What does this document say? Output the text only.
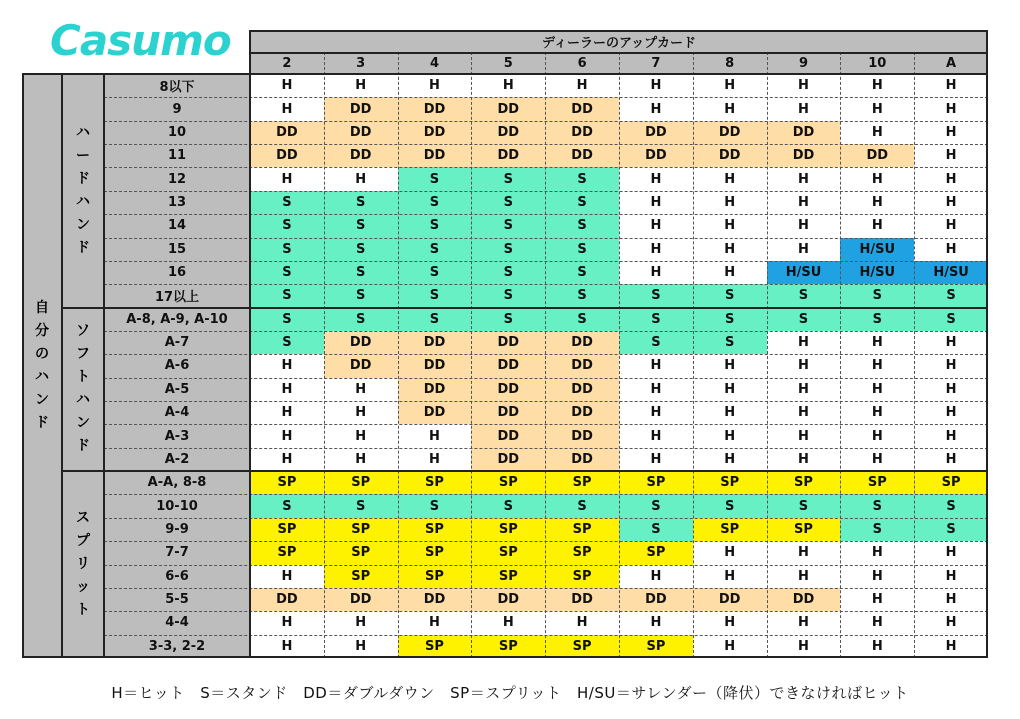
Casumo	ディーラーのアップカード
2	3	4	5	6	7	8	9	10	A
自
分
の
ハ
ン
ド
ハ
ー
ド
ハ
ン
ド
ソ
フ
ト
ハ
ン
ド
ス
プ
リ
ッ
ト
8以下	H	H	H	H	H	H	H	H	H	H
9	H	DD	DD	DD	DD	H	H	H	H	H
10	DD	DD	DD	DD	DD	DD	DD	DD	H	H
11	DD	DD	DD	DD	DD	DD	DD	DD	DD	H
12	H	H	S	S	S	H	H	H	H	H
13	S	S	S	S	S	H	H	H	H	H
14	S	S	S	S	S	H	H	H	H	H
15	S	S	S	S	S	H	H	H	H/SU	H
16	S	S	S	S	S	H	H	H/SU	H/SU	H/SU
17以上	S	S	S	S	S	S	S	S	S	S
A-8, A-9, A-10	S	S	S	S	S	S	S	S	S	S
A-7	S	DD	DD	DD	DD	S	S	H	H	H
A-6	H	DD	DD	DD	DD	H	H	H	H	H
A-5	H	H	DD	DD	DD	H	H	H	H	H
A-4	H	H	DD	DD	DD	H	H	H	H	H
A-3	H	H	H	DD	DD	H	H	H	H	H
A-2	H	H	H	DD	DD	H	H	H	H	H
A-A, 8-8	SP	SP	SP	SP	SP	SP	SP	SP	SP	SP
10-10	S	S	S	S	S	S	S	S	S	S
9-9	SP	SP	SP	SP	SP	S	SP	SP	S	S
7-7	SP	SP	SP	SP	SP	SP	H	H	H	H
6-6	H	SP	SP	SP	SP	H	H	H	H	H
5-5	DD	DD	DD	DD	DD	DD	DD	DD	H	H
4-4	H	H	H	H	H	H	H	H	H	H
3-3, 2-2	H	H	SP	SP	SP	SP	H	H	H	H
H＝ヒット　S＝スタンド　DD＝ダブルダウン　SP＝スプリット　H/SU＝サレンダー（降伏）できなければヒット
